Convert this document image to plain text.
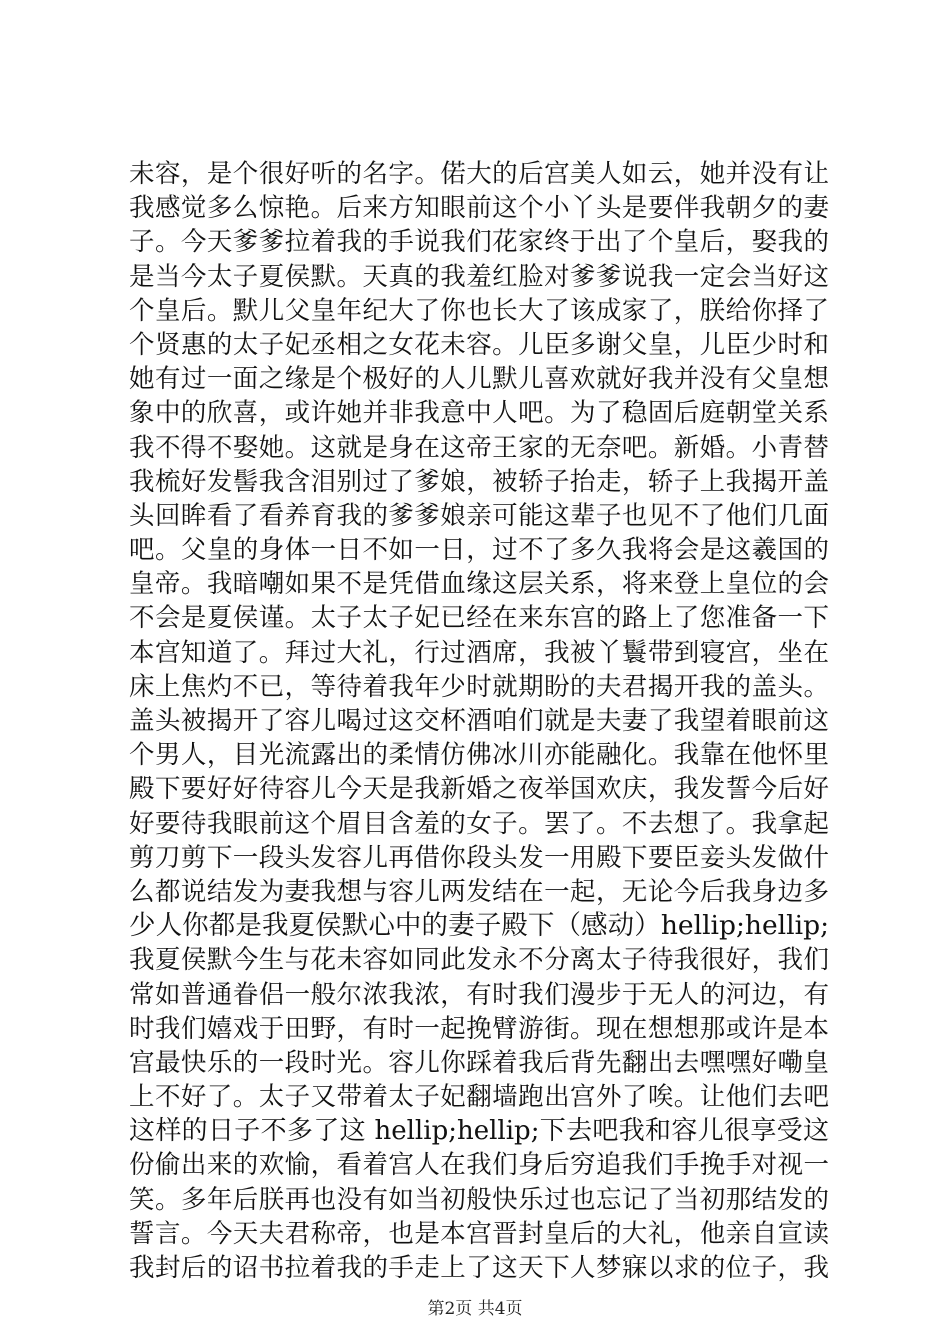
未容，是个很好听的名字。偌大的后宫美人如云，她并没有让
我感觉多么惊艳。后来方知眼前这个小丫头是要伴我朝夕的妻
子。今天爹爹拉着我的手说我们花家终于出了个皇后，娶我的
是当今太子夏侯默。天真的我羞红脸对爹爹说我一定会当好这
个皇后。默儿父皇年纪大了你也长大了该成家了，朕给你择了
个贤惠的太子妃丞相之女花未容。儿臣多谢父皇，儿臣少时和
她有过一面之缘是个极好的人儿默儿喜欢就好我并没有父皇想
象中的欣喜，或许她并非我意中人吧。为了稳固后庭朝堂关系
我不得不娶她。这就是身在这帝王家的无奈吧。新婚。小青替
我梳好发髻我含泪别过了爹娘，被轿子抬走，轿子上我揭开盖
头回眸看了看养育我的爹爹娘亲可能这辈子也见不了他们几面
吧。父皇的身体一日不如一日，过不了多久我将会是这羲国的
皇帝。我暗嘲如果不是凭借血缘这层关系，将来登上皇位的会
不会是夏侯谨。太子太子妃已经在来东宫的路上了您准备一下
本宫知道了。拜过大礼，行过酒席，我被丫鬟带到寝宫，坐在
床上焦灼不已，等待着我年少时就期盼的夫君揭开我的盖头。
盖头被揭开了容儿喝过这交杯酒咱们就是夫妻了我望着眼前这
个男人，目光流露出的柔情仿佛冰川亦能融化。我靠在他怀里
殿下要好好待容儿今天是我新婚之夜举国欢庆，我发誓今后好
好要待我眼前这个眉目含羞的女子。罢了。不去想了。我拿起
剪刀剪下一段头发容儿再借你段头发一用殿下要臣妾头发做什
么都说结发为妻我想与容儿两发结在一起，无论今后我身边多
少人你都是我夏侯默心中的妻子殿下（感动）hellip;hellip;
我夏侯默今生与花未容如同此发永不分离太子待我很好，我们
常如普通眷侣一般尔浓我浓，有时我们漫步于无人的河边，有
时我们嬉戏于田野，有时一起挽臂游街。现在想想那或许是本
宫最快乐的一段时光。容儿你踩着我后背先翻出去嘿嘿好嘞皇
上不好了。太子又带着太子妃翻墙跑出宫外了唉。让他们去吧
这样的日子不多了这 hellip;hellip;下去吧我和容儿很享受这
份偷出来的欢愉，看着宫人在我们身后穷追我们手挽手对视一
笑。多年后朕再也没有如当初般快乐过也忘记了当初那结发的
誓言。今天夫君称帝，也是本宫晋封皇后的大礼，他亲自宣读
我封后的诏书拉着我的手走上了这天下人梦寐以求的位子，我
第2页 共4页
